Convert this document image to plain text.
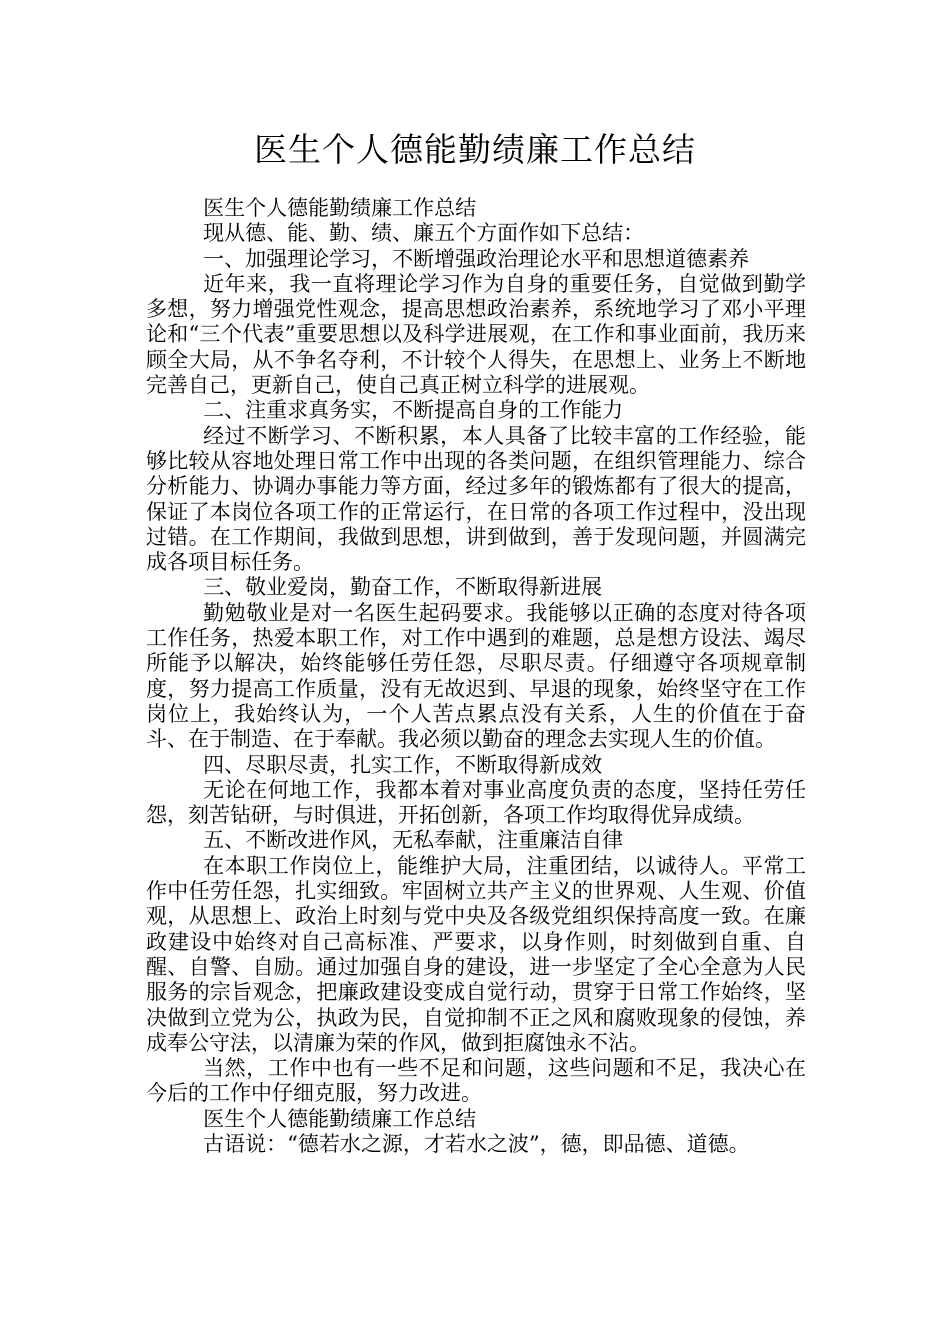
医生个人德能勤绩廉工作总结

医生个人德能勤绩廉工作总结

现从德、能、勤、绩、廉五个方面作如下总结：

一、加强理论学习，不断增强政治理论水平和思想道德素养

近年来，我一直将理论学习作为自身的重要任务，自觉做到勤学多想，努力增强党性观念，提高思想政治素养，系统地学习了邓小平理论和“三个代表”重要思想以及科学进展观，在工作和事业面前，我历来顾全大局，从不争名夺利，不计较个人得失，在思想上、业务上不断地完善自己，更新自己，使自己真正树立科学的进展观。

二、注重求真务实，不断提高自身的工作能力

经过不断学习、不断积累，本人具备了比较丰富的工作经验，能够比较从容地处理日常工作中出现的各类问题，在组织管理能力、综合分析能力、协调办事能力等方面，经过多年的锻炼都有了很大的提高，保证了本岗位各项工作的正常运行，在日常的各项工作过程中，没出现过错。在工作期间，我做到思想，讲到做到，善于发现问题，并圆满完成各项目标任务。

三、敬业爱岗，勤奋工作，不断取得新进展

勤勉敬业是对一名医生起码要求。我能够以正确的态度对待各项工作任务，热爱本职工作，对工作中遇到的难题，总是想方设法、竭尽所能予以解决，始终能够任劳任怨，尽职尽责。仔细遵守各项规章制度，努力提高工作质量，没有无故迟到、早退的现象，始终坚守在工作岗位上，我始终认为，一个人苦点累点没有关系，人生的价值在于奋斗、在于制造、在于奉献。我必须以勤奋的理念去实现人生的价值。

四、尽职尽责，扎实工作，不断取得新成效

无论在何地工作，我都本着对事业高度负责的态度，坚持任劳任怨，刻苦钻研，与时俱进，开拓创新，各项工作均取得优异成绩。

五、不断改进作风，无私奉献，注重廉洁自律

在本职工作岗位上，能维护大局，注重团结，以诚待人。平常工作中任劳任怨，扎实细致。牢固树立共产主义的世界观、人生观、价值观，从思想上、政治上时刻与党中央及各级党组织保持高度一致。在廉政建设中始终对自己高标准、严要求，以身作则，时刻做到自重、自醒、自警、自励。通过加强自身的建设，进一步坚定了全心全意为人民服务的宗旨观念，把廉政建设变成自觉行动，贯穿于日常工作始终，坚决做到立党为公，执政为民，自觉抑制不正之风和腐败现象的侵蚀，养成奉公守法，以清廉为荣的作风，做到拒腐蚀永不沾。

当然，工作中也有一些不足和问题，这些问题和不足，我决心在今后的工作中仔细克服，努力改进。

医生个人德能勤绩廉工作总结

古语说：“德若水之源，才若水之波”，德，即品德、道德。
